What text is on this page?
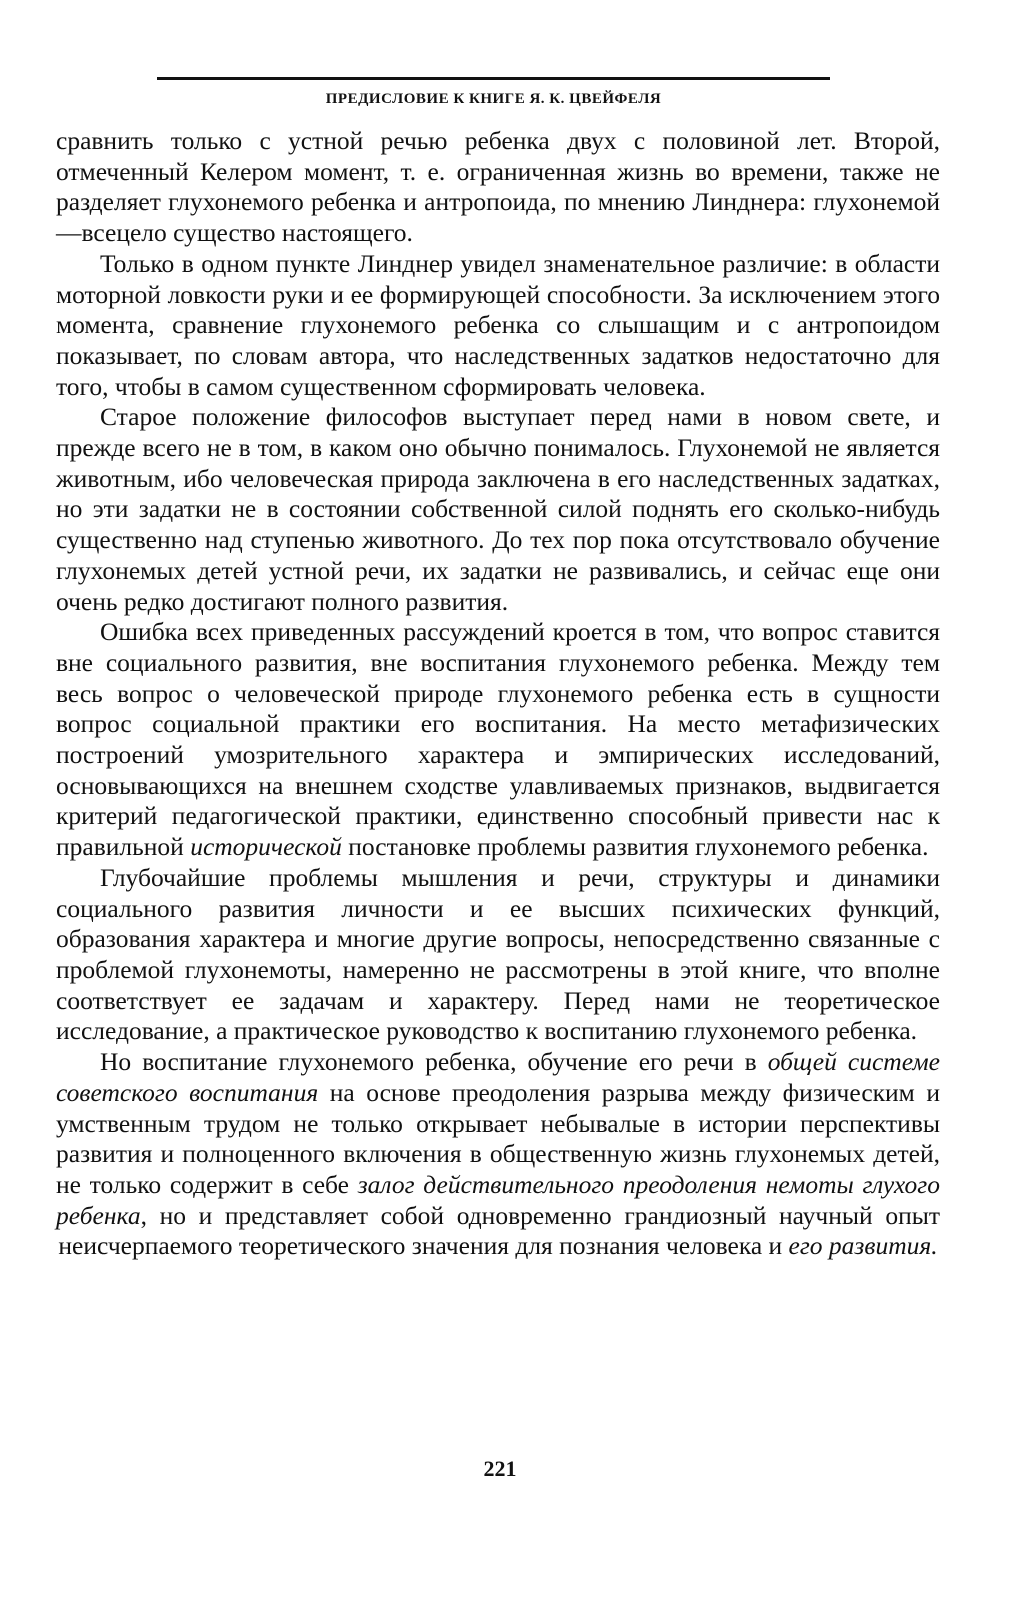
ПРЕДИСЛОВИЕ К КНИГЕ Я. К. ЦВЕЙФЕЛЯ

сравнить только с устной речью ребенка двух с половиной лет. Второй, отмеченный Келером момент, т. е. ограниченная жизнь во времени, также не разделяет глухонемого ребенка и антропоида, по мнению Линднера: глухонемой—всецело существо настоящего.

Только в одном пункте Линднер увидел знаменательное различие: в области моторной ловкости руки и ее формирующей способности. За исключением этого момента, сравнение глухонемого ребенка со слышащим и с антропоидом показывает, по словам автора, что наследственных задатков недостаточно для того, чтобы в самом существенном сформировать человека.

Старое положение философов выступает перед нами в новом свете, и прежде всего не в том, в каком оно обычно понималось. Глухонемой не является животным, ибо человеческая природа заключена в его наследственных задатках, но эти задатки не в состоянии собственной силой поднять его сколько-нибудь существенно над ступенью животного. До тех пор пока отсутствовало обучение глухонемых детей устной речи, их задатки не развивались, и сейчас еще они очень редко достигают полного развития.

Ошибка всех приведенных рассуждений кроется в том, что вопрос ставится вне социального развития, вне воспитания глухонемого ребенка. Между тем весь вопрос о человеческой природе глухонемого ребенка есть в сущности вопрос социальной практики его воспитания. На место метафизических построений умозрительного характера и эмпирических исследований, основывающихся на внешнем сходстве улавливаемых признаков, выдвигается критерий педагогической практики, единственно способный привести нас к правильной исторической постановке проблемы развития глухонемого ребенка.

Глубочайшие проблемы мышления и речи, структуры и динамики социального развития личности и ее высших психических функций, образования характера и многие другие вопросы, непосредственно связанные с проблемой глухонемоты, намеренно не рассмотрены в этой книге, что вполне соответствует ее задачам и характеру. Перед нами не теоретическое исследование, а практическое руководство к воспитанию глухонемого ребенка.

Но воспитание глухонемого ребенка, обучение его речи в общей системе советского воспитания на основе преодоления разрыва между физическим и умственным трудом не только открывает небывалые в истории перспективы развития и полноценного включения в общественную жизнь глухонемых детей, не только содержит в себе залог действительного преодоления немоты глухого ребенка, но и представляет собой одновременно грандиозный научный опыт неисчерпаемого теоретического значения для познания человека и его развития.

221
